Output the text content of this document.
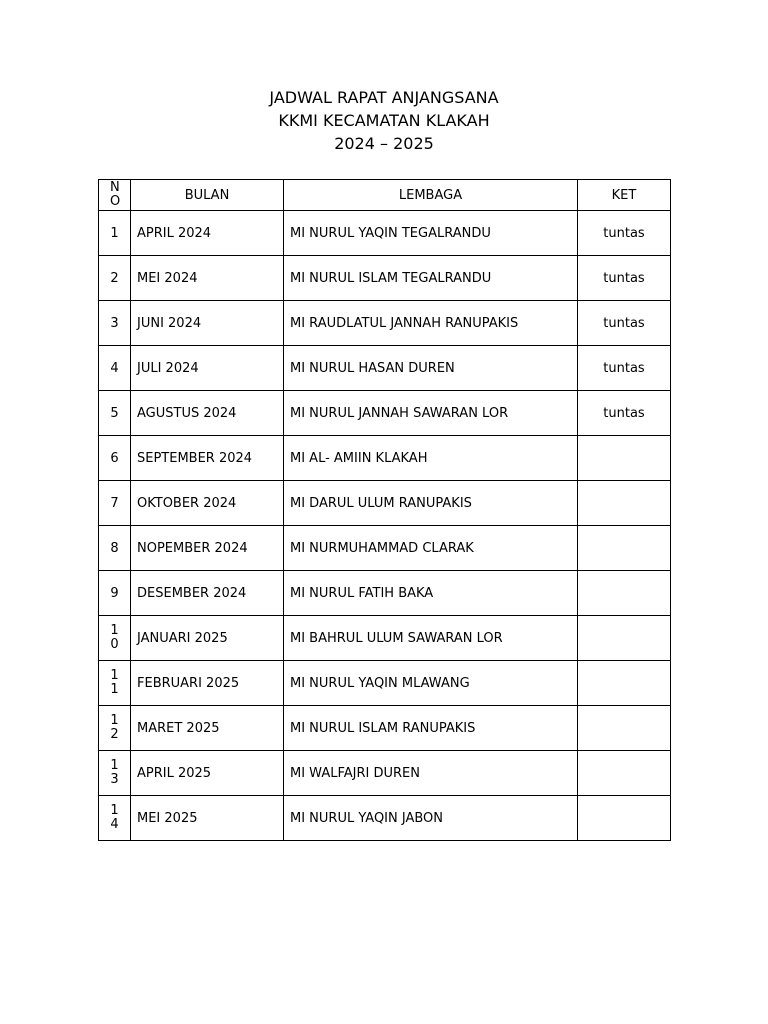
JADWAL RAPAT ANJANGSANA
KKMI KECAMATAN KLAKAH
2024 – 2025
NO	BULAN	LEMBAGA	KET
1	APRIL 2024	MI NURUL YAQIN TEGALRANDU	tuntas
2	MEI 2024	MI NURUL ISLAM TEGALRANDU	tuntas
3	JUNI 2024	MI RAUDLATUL JANNAH RANUPAKIS	tuntas
4	JULI 2024	MI NURUL HASAN DUREN	tuntas
5	AGUSTUS 2024	MI NURUL JANNAH SAWARAN LOR	tuntas
6	SEPTEMBER 2024	MI AL- AMIIN KLAKAH	
7	OKTOBER 2024	MI DARUL ULUM RANUPAKIS	
8	NOPEMBER 2024	MI NURMUHAMMAD CLARAK	
9	DESEMBER 2024	MI NURUL FATIH BAKA	
10	JANUARI 2025	MI BAHRUL ULUM SAWARAN LOR	
11	FEBRUARI 2025	MI NURUL YAQIN MLAWANG	
12	MARET 2025	MI NURUL ISLAM RANUPAKIS	
13	APRIL 2025	MI WALFAJRI DUREN	
14	MEI 2025	MI NURUL YAQIN JABON	
